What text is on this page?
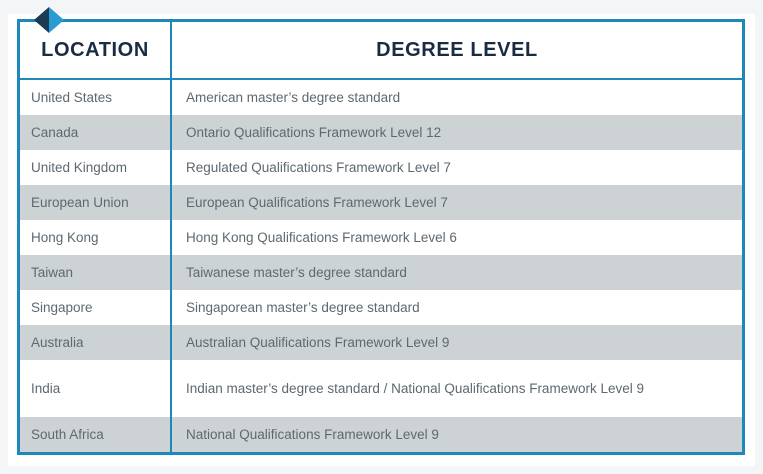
LOCATION	DEGREE LEVEL
United States	American master’s degree standard
Canada	Ontario Qualifications Framework Level 12
United Kingdom	Regulated Qualifications Framework Level 7
European Union	European Qualifications Framework Level 7
Hong Kong	Hong Kong Qualifications Framework Level 6
Taiwan	Taiwanese master’s degree standard
Singapore	Singaporean master’s degree standard
Australia	Australian Qualifications Framework Level 9
India	Indian master’s degree standard / National Qualifications Framework Level 9
South Africa	National Qualifications Framework Level 9
